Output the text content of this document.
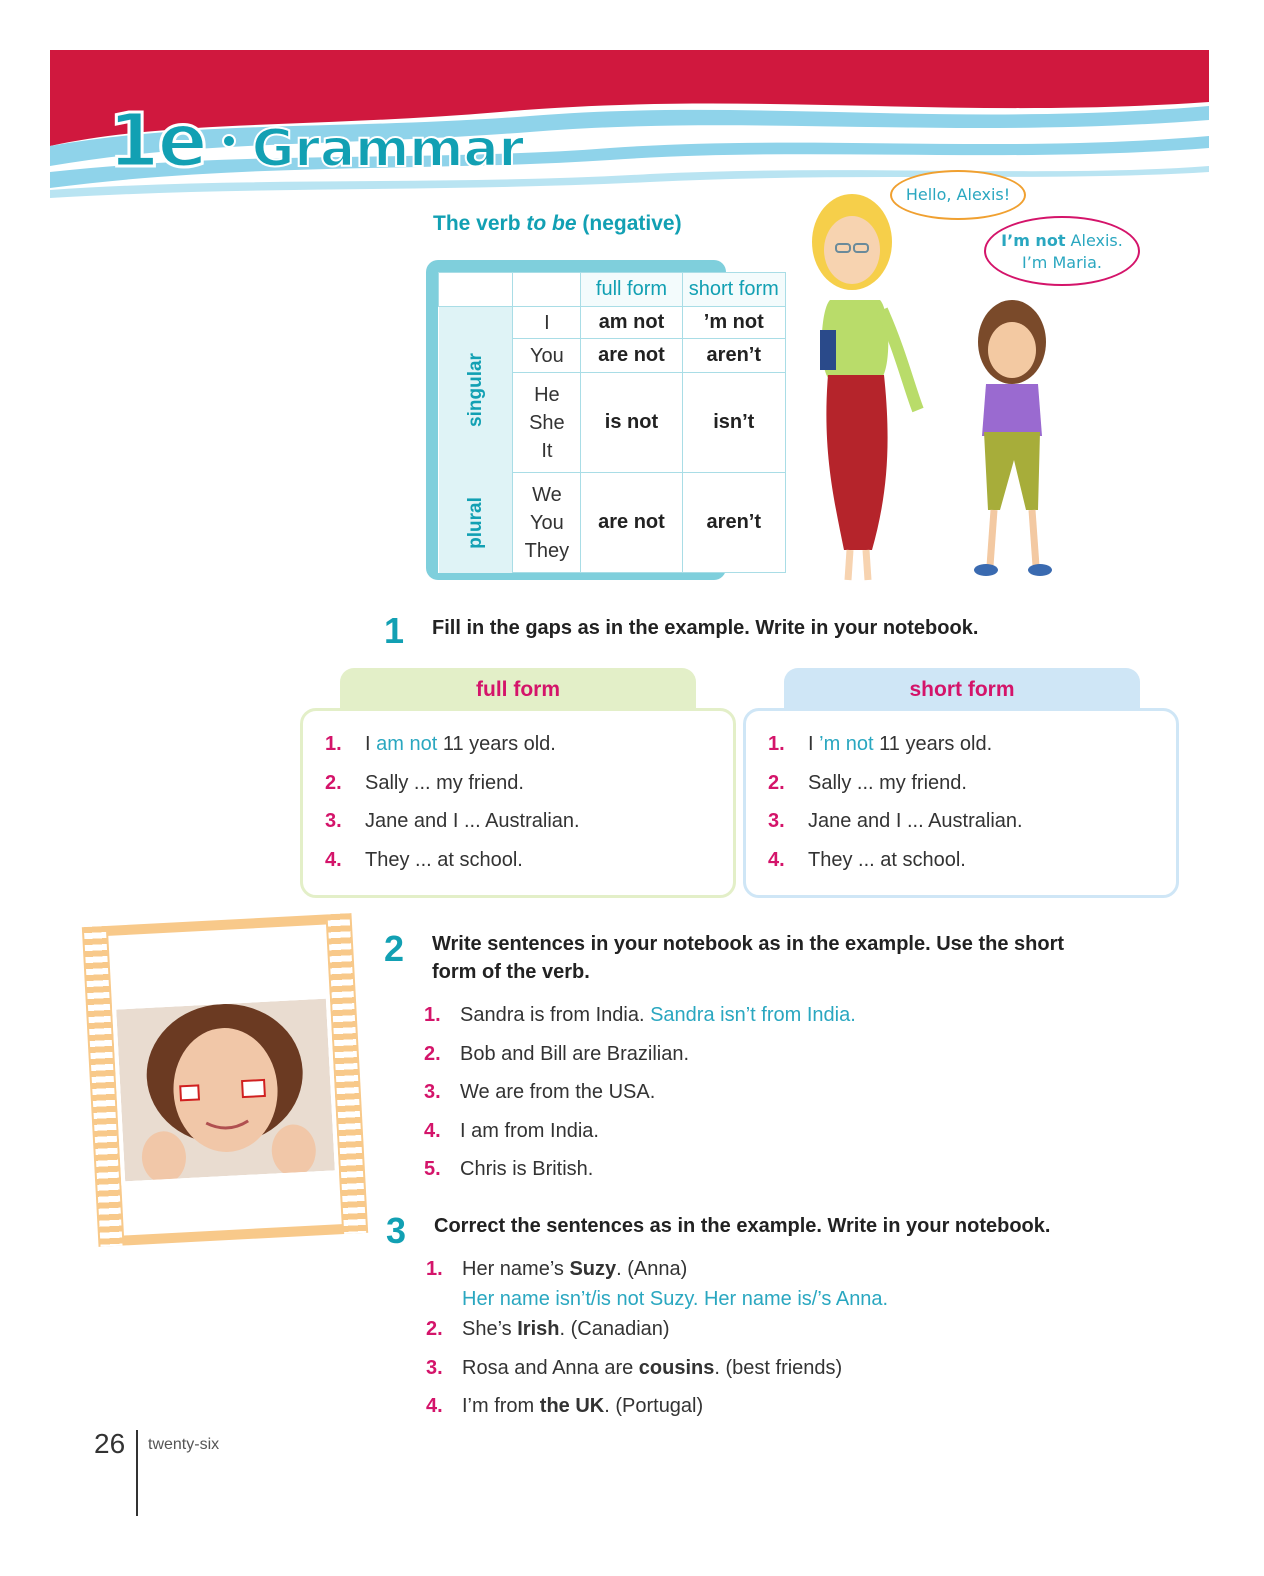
1e Grammar
The verb to be (negative)
		full form	short form
singular	I	am not	’m not
	You	are not	aren’t

	He
She
It	is not	isn’t
plural	We
You
They	are not	aren’t
Hello, Alexis!
I’m not Alexis.
I’m Maria.
1 Fill in the gaps as in the example. Write in your notebook.
full form	short form
1. I am not 11 years old.
2. Sally ... my friend.
3. Jane and I ... Australian.
4. They ... at school.
1. I ’m not 11 years old.
2. Sally ... my friend.
3. Jane and I ... Australian.
4. They ... at school.
2 Write sentences in your notebook as in the example. Use the short
form of the verb.
1. Sandra is from India. Sandra isn’t from India.
2. Bob and Bill are Brazilian.
3. We are from the USA.
4. I am from India.
5. Chris is British.
3 Correct the sentences as in the example. Write in your notebook.
1. Her name’s Suzy. (Anna)
Her name isn’t/is not Suzy. Her name is/’s Anna.
2. She’s Irish. (Canadian)
3. Rosa and Anna are cousins. (best friends)
4. I’m from the UK. (Portugal)
26 twenty-six
